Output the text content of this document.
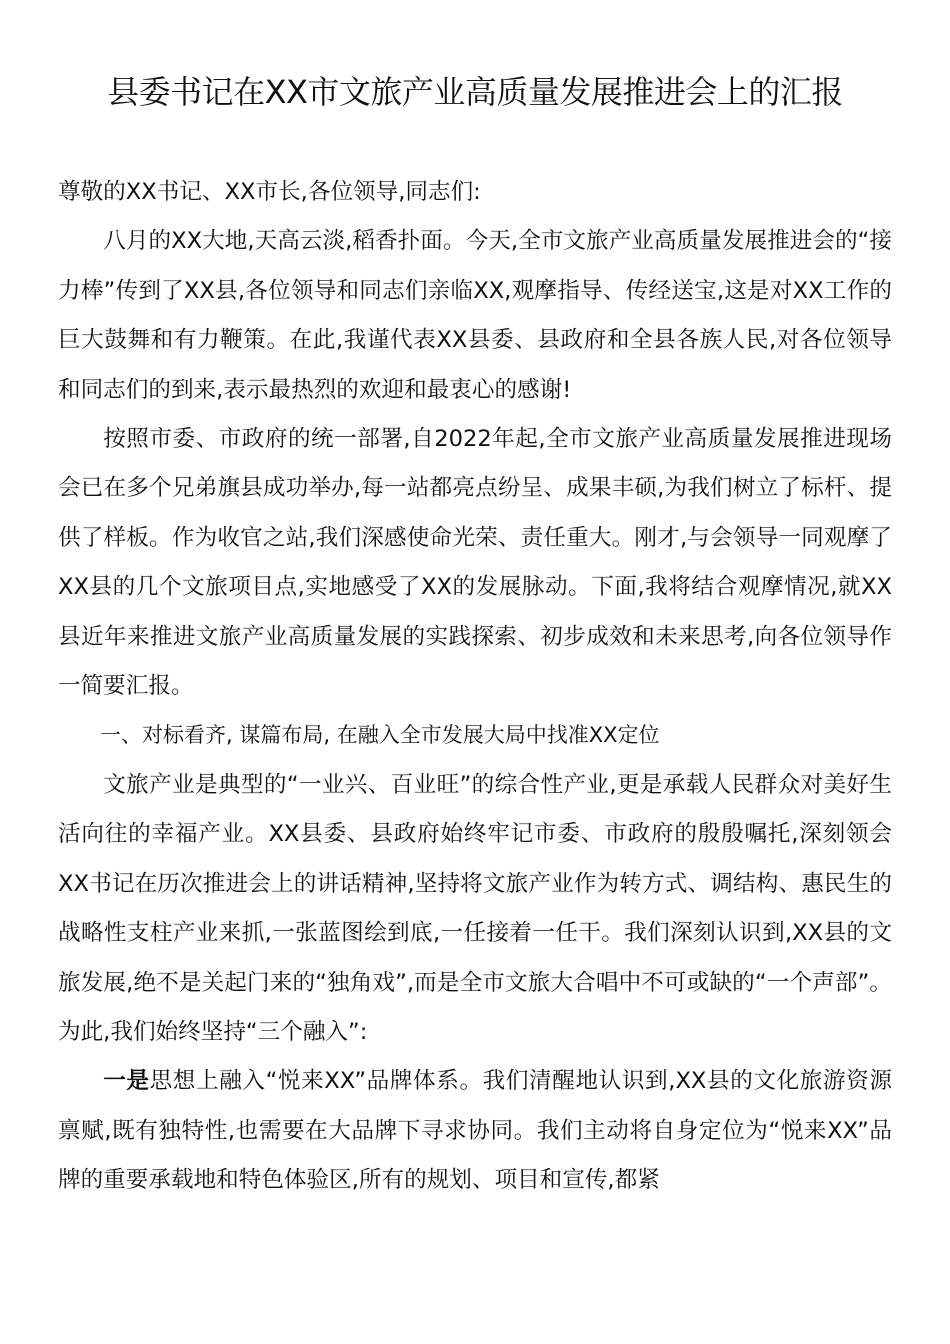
县委书记在XX市文旅产业高质量发展推进会上的汇报

尊敬的XX书记、XX市长,各位领导,同志们:

八月的XX大地,天高云淡,稻香扑面。今天,全市文旅产业高质量发展推进会的“接力棒”传到了XX县,各位领导和同志们亲临XX,观摩指导、传经送宝,这是对XX工作的巨大鼓舞和有力鞭策。在此,我谨代表XX县委、县政府和全县各族人民,对各位领导和同志们的到来,表示最热烈的欢迎和最衷心的感谢!

按照市委、市政府的统一部署,自2022年起,全市文旅产业高质量发展推进现场会已在多个兄弟旗县成功举办,每一站都亮点纷呈、成果丰硕,为我们树立了标杆、提供了样板。作为收官之站,我们深感使命光荣、责任重大。刚才,与会领导一同观摩了XX县的几个文旅项目点,实地感受了XX的发展脉动。下面,我将结合观摩情况,就XX县近年来推进文旅产业高质量发展的实践探索、初步成效和未来思考,向各位领导作一简要汇报。

一、对标看齐, 谋篇布局, 在融入全市发展大局中找准XX定位

文旅产业是典型的“一业兴、百业旺”的综合性产业,更是承载人民群众对美好生活向往的幸福产业。XX县委、县政府始终牢记市委、市政府的殷殷嘱托,深刻领会XX书记在历次推进会上的讲话精神,坚持将文旅产业作为转方式、调结构、惠民生的战略性支柱产业来抓,一张蓝图绘到底,一任接着一任干。我们深刻认识到,XX县的文旅发展,绝不是关起门来的“独角戏”,而是全市文旅大合唱中不可或缺的“一个声部”。为此,我们始终坚持“三个融入”:

一是思想上融入“悦来XX”品牌体系。我们清醒地认识到,XX县的文化旅游资源禀赋,既有独特性,也需要在大品牌下寻求协同。我们主动将自身定位为“悦来XX”品牌的重要承载地和特色体验区,所有的规划、项目和宣传,都紧
